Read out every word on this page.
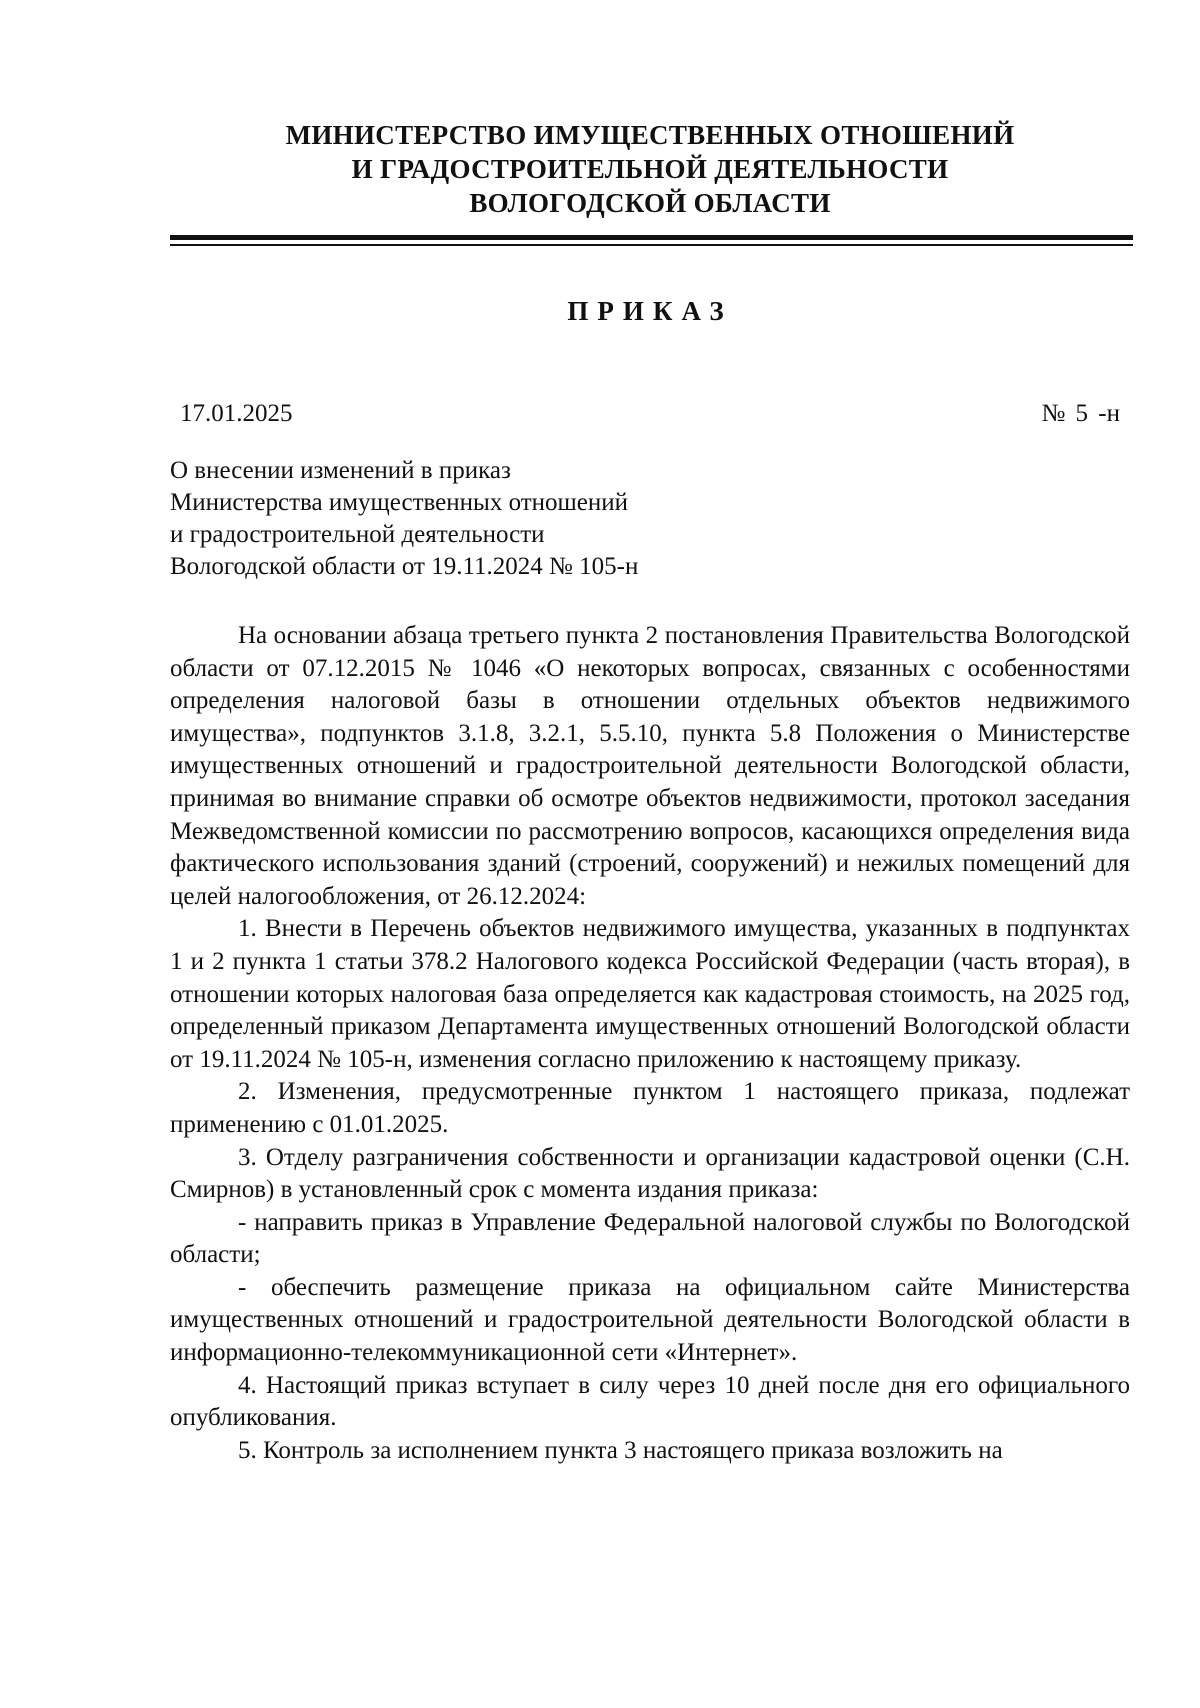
МИНИСТЕРСТВО ИМУЩЕСТВЕННЫХ ОТНОШЕНИЙ
И ГРАДОСТРОИТЕЛЬНОЙ ДЕЯТЕЛЬНОСТИ
ВОЛОГОДСКОЙ ОБЛАСТИ
ПРИКАЗ
17.01.2025	№ 5 -н
О внесении изменений в приказ
Министерства имущественных отношений
и градостроительной деятельности
Вологодской области от 19.11.2024 № 105-н

На основании абзаца третьего пункта 2 постановления Правительства Вологодской области от 07.12.2015 № 1046 «О некоторых вопросах, связанных с особенностями определения налоговой базы в отношении отдельных объектов недвижимого имущества», подпунктов 3.1.8, 3.2.1, 5.5.10, пункта 5.8 Положения о Министерстве имущественных отношений и градостроительной деятельности Вологодской области, принимая во внимание справки об осмотре объектов недвижимости, протокол заседания Межведомственной комиссии по рассмотрению вопросов, касающихся определения вида фактического использования зданий (строений, сооружений) и нежилых помещений для целей налогообложения, от 26.12.2024:

1. Внести в Перечень объектов недвижимого имущества, указанных в подпунктах 1 и 2 пункта 1 статьи 378.2 Налогового кодекса Российской Федерации (часть вторая), в отношении которых налоговая база определяется как кадастровая стоимость, на 2025 год, определенный приказом Департамента имущественных отношений Вологодской области от 19.11.2024 № 105-н, изменения согласно приложению к настоящему приказу.

2. Изменения, предусмотренные пунктом 1 настоящего приказа, подлежат применению с 01.01.2025.

3. Отделу разграничения собственности и организации кадастровой оценки (С.Н. Смирнов) в установленный срок с момента издания приказа:

- направить приказ в Управление Федеральной налоговой службы по Вологодской области;

- обеспечить размещение приказа на официальном сайте Министерства имущественных отношений и градостроительной деятельности Вологодской области в информационно-телекоммуникационной сети «Интернет».

4. Настоящий приказ вступает в силу через 10 дней после дня его официального опубликования.

5. Контроль за исполнением пункта 3 настоящего приказа возложить на
